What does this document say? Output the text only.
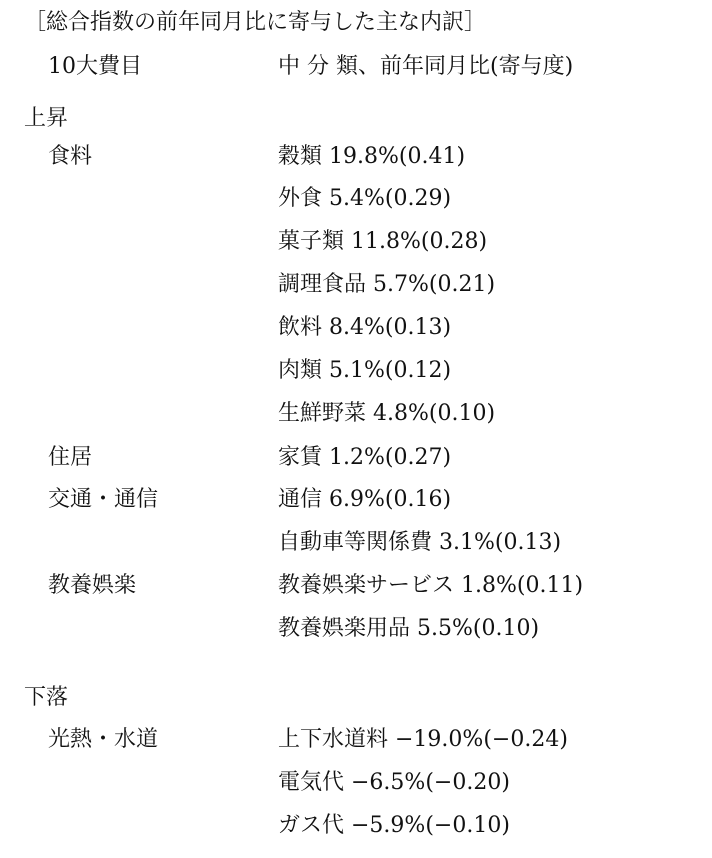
［総合指数の前年同月比に寄与した主な内訳］
10大費目	中 分 類、前年同月比(寄与度)
上昇
食料	穀類 19.8%(0.41)
外食 5.4%(0.29)
菓子類 11.8%(0.28)
調理食品 5.7%(0.21)
飲料 8.4%(0.13)
肉類 5.1%(0.12)
生鮮野菜 4.8%(0.10)
住居	家賃 1.2%(0.27)
交通・通信	通信 6.9%(0.16)
自動車等関係費 3.1%(0.13)
教養娯楽	教養娯楽サービス 1.8%(0.11)
教養娯楽用品 5.5%(0.10)
下落
光熱・水道	上下水道料 −19.0%(−0.24)
電気代 −6.5%(−0.20)
ガス代 −5.9%(−0.10)
